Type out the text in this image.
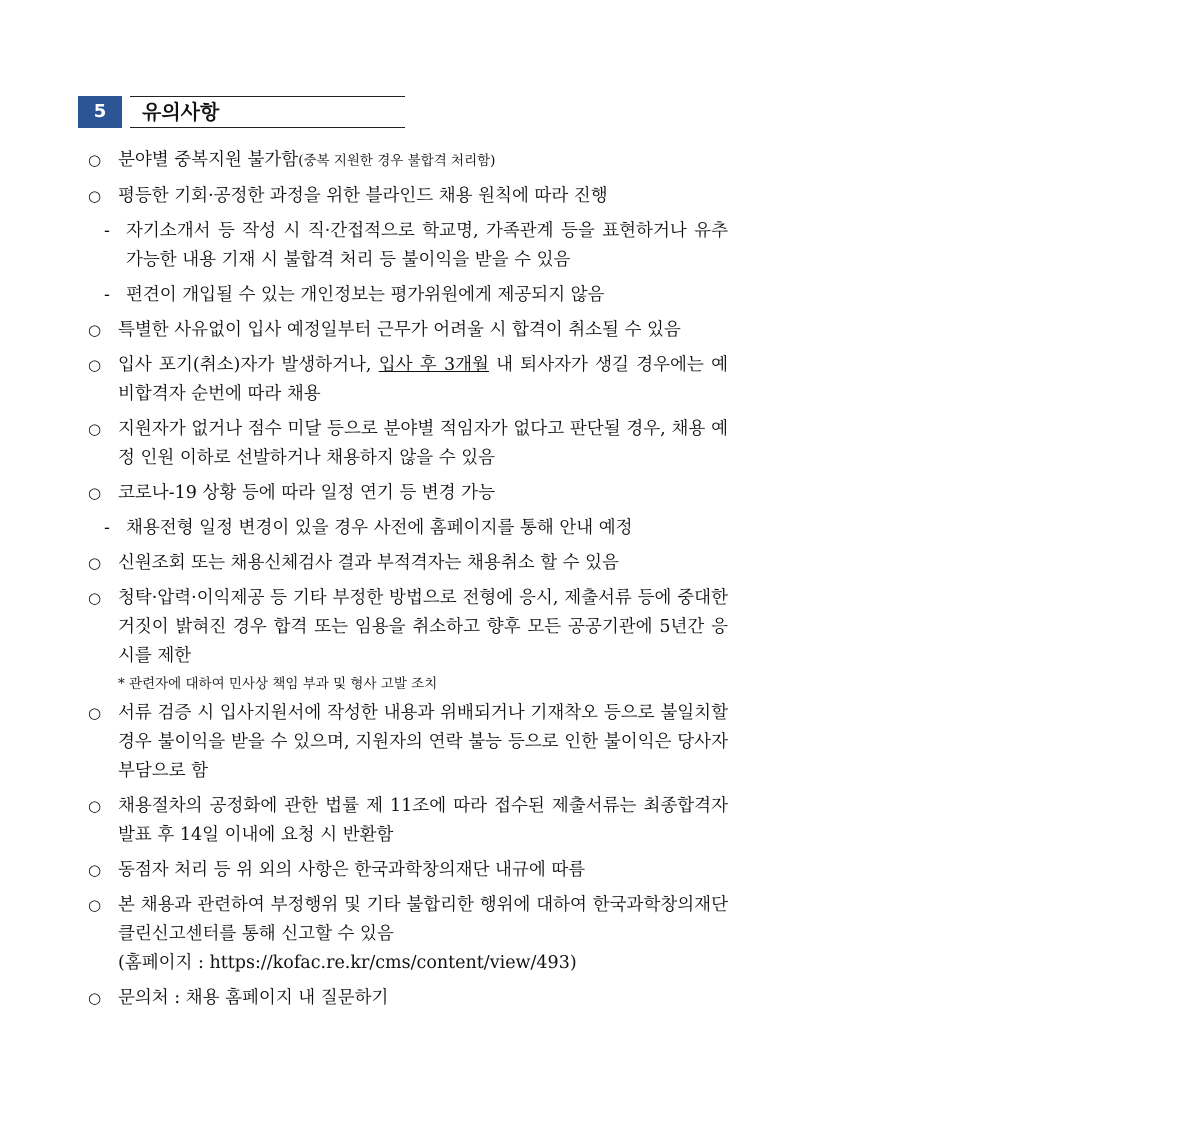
5	유의사항
○ 분야별 중복지원 불가함(중복 지원한 경우 불합격 처리함)
○ 평등한 기회·공정한 과정을 위한 블라인드 채용 원칙에 따라 진행
- 자기소개서 등 작성 시 직·간접적으로 학교명, 가족관계 등을 표현하거나 유추 가능한 내용 기재 시 불합격 처리 등 불이익을 받을 수 있음
- 편견이 개입될 수 있는 개인정보는 평가위원에게 제공되지 않음
○ 특별한 사유없이 입사 예정일부터 근무가 어려울 시 합격이 취소될 수 있음
○ 입사 포기(취소)자가 발생하거나, 입사 후 3개월 내 퇴사자가 생길 경우에는 예비합격자 순번에 따라 채용
○ 지원자가 없거나 점수 미달 등으로 분야별 적임자가 없다고 판단될 경우, 채용 예정 인원 이하로 선발하거나 채용하지 않을 수 있음
○ 코로나-19 상황 등에 따라 일정 연기 등 변경 가능
- 채용전형 일정 변경이 있을 경우 사전에 홈페이지를 통해 안내 예정
○ 신원조회 또는 채용신체검사 결과 부적격자는 채용취소 할 수 있음
○ 청탁·압력·이익제공 등 기타 부정한 방법으로 전형에 응시, 제출서류 등에 중대한 거짓이 밝혀진 경우 합격 또는 임용을 취소하고 향후 모든 공공기관에 5년간 응시를 제한
* 관련자에 대하여 민사상 책임 부과 및 형사 고발 조치
○ 서류 검증 시 입사지원서에 작성한 내용과 위배되거나 기재착오 등으로 불일치할 경우 불이익을 받을 수 있으며, 지원자의 연락 불능 등으로 인한 불이익은 당사자 부담으로 함
○ 채용절차의 공정화에 관한 법률 제 11조에 따라 접수된 제출서류는 최종합격자 발표 후 14일 이내에 요청 시 반환함
○ 동점자 처리 등 위 외의 사항은 한국과학창의재단 내규에 따름
○ 본 채용과 관련하여 부정행위 및 기타 불합리한 행위에 대하여 한국과학창의재단 클린신고센터를 통해 신고할 수 있음
(홈페이지 : https://kofac.re.kr/cms/content/view/493)
○ 문의처 : 채용 홈페이지 내 질문하기
